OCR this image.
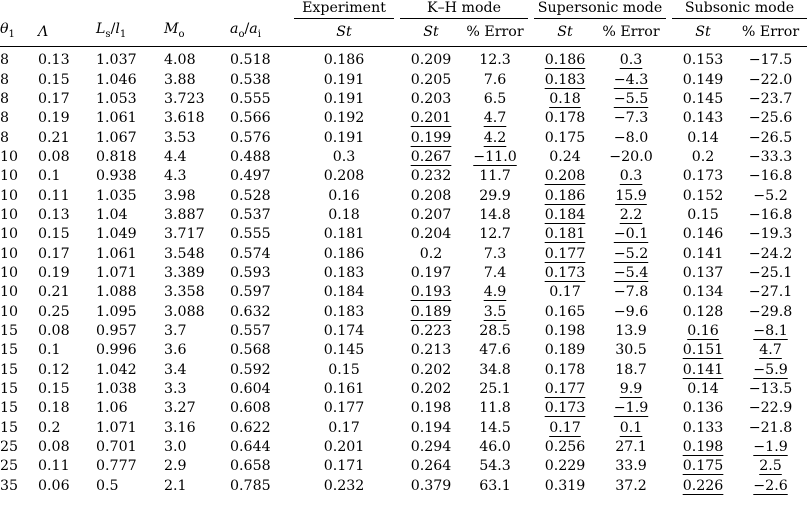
						Experiment		K–H mode			Supersonic mode			Subsonic mode	
$\theta_1$	Λ	$L_s/l_1$	$M_o$	$a_o/a_i$		St		St	% Error		St	% Error		St	% Error
8	0.13	1.037	4.08	0.518		0.186		0.209	12.3		0.186	0.3		0.153	−17.5
8	0.15	1.046	3.88	0.538		0.191		0.205	7.6		0.183	−4.3		0.149	−22.0
8	0.17	1.053	3.723	0.555		0.191		0.203	6.5		0.18	−5.5		0.145	−23.7
8	0.19	1.061	3.618	0.566		0.192		0.201	4.7		0.178	−7.3		0.143	−25.6
8	0.21	1.067	3.53	0.576		0.191		0.199	4.2		0.175	−8.0		0.14	−26.5
10	0.08	0.818	4.4	0.488		0.3		0.267	−11.0		0.24	−20.0		0.2	−33.3
10	0.1	0.938	4.3	0.497		0.208		0.232	11.7		0.208	0.3		0.173	−16.8
10	0.11	1.035	3.98	0.528		0.16		0.208	29.9		0.186	15.9		0.152	−5.2
10	0.13	1.04	3.887	0.537		0.18		0.207	14.8		0.184	2.2		0.15	−16.8
10	0.15	1.049	3.717	0.555		0.181		0.204	12.7		0.181	−0.1		0.146	−19.3
10	0.17	1.061	3.548	0.574		0.186		0.2	7.3		0.177	−5.2		0.141	−24.2
10	0.19	1.071	3.389	0.593		0.183		0.197	7.4		0.173	−5.4		0.137	−25.1
10	0.21	1.088	3.358	0.597		0.184		0.193	4.9		0.17	−7.8		0.134	−27.1
10	0.25	1.095	3.088	0.632		0.183		0.189	3.5		0.165	−9.6		0.128	−29.8
15	0.08	0.957	3.7	0.557		0.174		0.223	28.5		0.198	13.9		0.16	−8.1
15	0.1	0.996	3.6	0.568		0.145		0.213	47.6		0.189	30.5		0.151	4.7
15	0.12	1.042	3.4	0.592		0.15		0.202	34.8		0.178	18.7		0.141	−5.9
15	0.15	1.038	3.3	0.604		0.161		0.202	25.1		0.177	9.9		0.14	−13.5
15	0.18	1.06	3.27	0.608		0.177		0.198	11.8		0.173	−1.9		0.136	−22.9
15	0.2	1.071	3.16	0.622		0.17		0.194	14.5		0.17	0.1		0.133	−21.8
25	0.08	0.701	3.0	0.644		0.201		0.294	46.0		0.256	27.1		0.198	−1.9
25	0.11	0.777	2.9	0.658		0.171		0.264	54.3		0.229	33.9		0.175	2.5
35	0.06	0.5	2.1	0.785		0.232		0.379	63.1		0.319	37.2		0.226	−2.6
